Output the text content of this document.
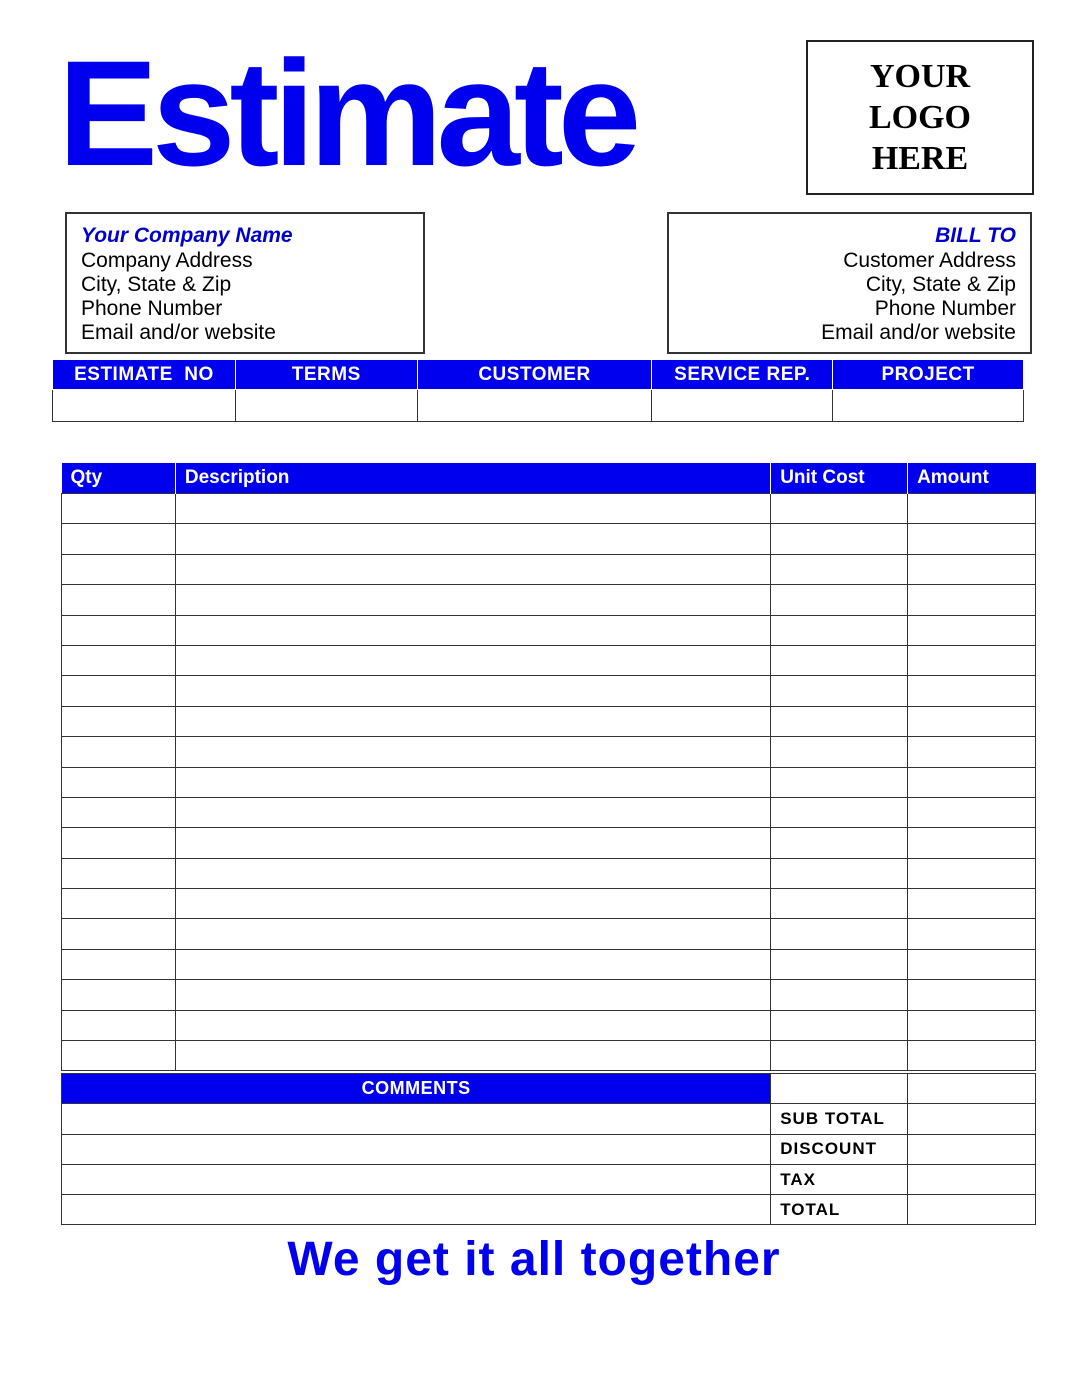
Estimate	YOUR
LOGO
HERE
Your Company Name
Company Address
City, State & Zip
Phone Number
Email and/or website
BILL TO
Customer Address
City, State & Zip
Phone Number
Email and/or website
ESTIMATE  NO	TERMS	CUSTOMER	SERVICE REP.	PROJECT

Qty	Description	Unit Cost	Amount

COMMENTS		
	SUB TOTAL	
	DISCOUNT	
	TAX	
	TOTAL	
We get it all together
